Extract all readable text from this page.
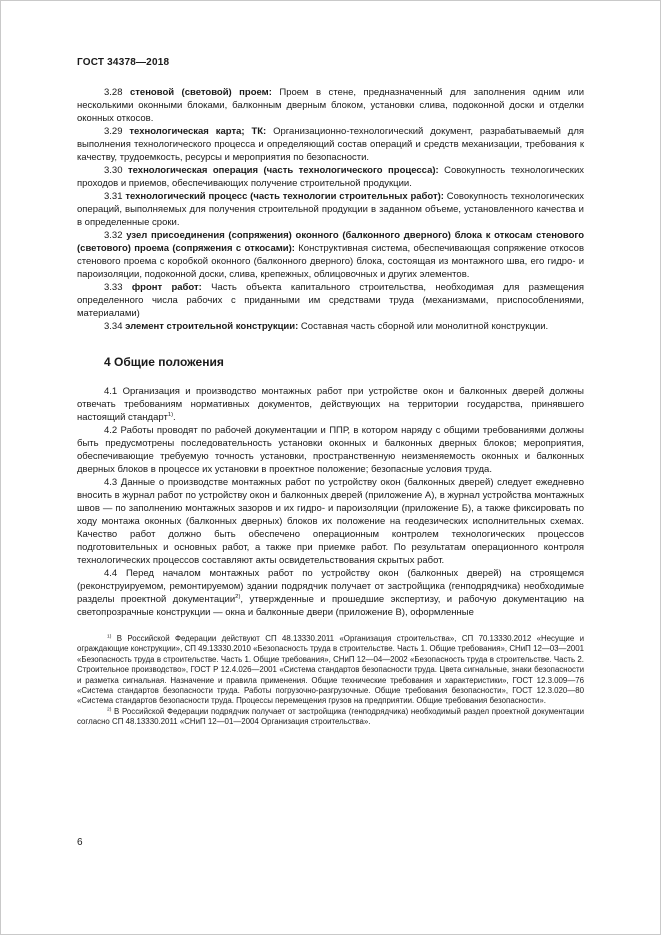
ГОСТ 34378—2018

3.28 стеновой (световой) проем: Проем в стене, предназначенный для заполнения одним или несколькими оконными блоками, балконным дверным блоком, установки слива, подоконной доски и отделки оконных откосов.

3.29 технологическая карта; ТК: Организационно-технологический документ, разрабатываемый для выполнения технологического процесса и определяющий состав операций и средств механизации, требования к качеству, трудоемкость, ресурсы и мероприятия по безопасности.

3.30 технологическая операция (часть технологического процесса): Совокупность технологических проходов и приемов, обеспечивающих получение строительной продукции.

3.31 технологический процесс (часть технологии строительных работ): Совокупность технологических операций, выполняемых для получения строительной продукции в заданном объеме, установленного качества и в определенные сроки.

3.32 узел присоединения (сопряжения) оконного (балконного дверного) блока к откосам стенового (светового) проема (сопряжения с откосами): Конструктивная система, обеспечивающая сопряжение откосов стенового проема с коробкой оконного (балконного дверного) блока, состоящая из монтажного шва, его гидро- и пароизоляции, подоконной доски, слива, крепежных, облицовочных и других элементов.

3.33 фронт работ: Часть объекта капитального строительства, необходимая для размещения определенного числа рабочих с приданными им средствами труда (механизмами, приспособлениями, материалами)

3.34 элемент строительной конструкции: Составная часть сборной или монолитной конструкции.

4 Общие положения

4.1 Организация и производство монтажных работ при устройстве окон и балконных дверей должны отвечать требованиям нормативных документов, действующих на территории государства, принявшего настоящий стандарт$^{1)}$.

4.2 Работы проводят по рабочей документации и ППР, в котором наряду с общими требованиями должны быть предусмотрены последовательность установки оконных и балконных дверных блоков; мероприятия, обеспечивающие требуемую точность установки, пространственную неизменяемость оконных и балконных дверных блоков в процессе их установки в проектное положение; безопасные условия труда.

4.3 Данные о производстве монтажных работ по устройству окон (балконных дверей) следует ежедневно вносить в журнал работ по устройству окон и балконных дверей (приложение А), в журнал устройства монтажных швов — по заполнению монтажных зазоров и их гидро- и пароизоляции (приложение Б), а также фиксировать по ходу монтажа оконных (балконных дверных) блоков их положение на геодезических исполнительных схемах. Качество работ должно быть обеспечено операционным контролем технологических процессов подготовительных и основных работ, а также при приемке работ. По результатам операционного контроля технологических процессов составляют акты освидетельствования скрытых работ.

4.4 Перед началом монтажных работ по устройству окон (балконных дверей) на строящемся (реконструируемом, ремонтируемом) здании подрядчик получает от застройщика (генподрядчика) необходимые разделы проектной документации$^{2)}$, утвержденные и прошедшие экспертизу, и рабочую документацию на светопрозрачные конструкции — окна и балконные двери (приложение В), оформленные

$^{1)}$ В Российской Федерации действуют СП 48.13330.2011 «Организация строительства», СП 70.13330.2012 «Несущие и ограждающие конструкции», СП 49.13330.2010 «Безопасность труда в строительстве. Часть 1. Общие требования», СНиП 12—03—2001 «Безопасность труда в строительстве. Часть 1. Общие требования», СНиП 12—04—2002 «Безопасность труда в строительстве. Часть 2. Строительное производство», ГОСТ Р 12.4.026—2001 «Система стандартов безопасности труда. Цвета сигнальные, знаки безопасности и разметка сигнальная. Назначение и правила применения. Общие технические требования и характеристики», ГОСТ 12.3.009—76 «Система стандартов безопасности труда. Работы погрузочно-разгрузочные. Общие требования безопасности», ГОСТ 12.3.020—80 «Система стандартов безопасности труда. Процессы перемещения грузов на предприятии. Общие требования безопасности».

$^{2)}$ В Российской Федерации подрядчик получает от застройщика (генподрядчика) необходимый раздел проектной документации согласно СП 48.13330.2011 «СНиП 12—01—2004 Организация строительства».

6
